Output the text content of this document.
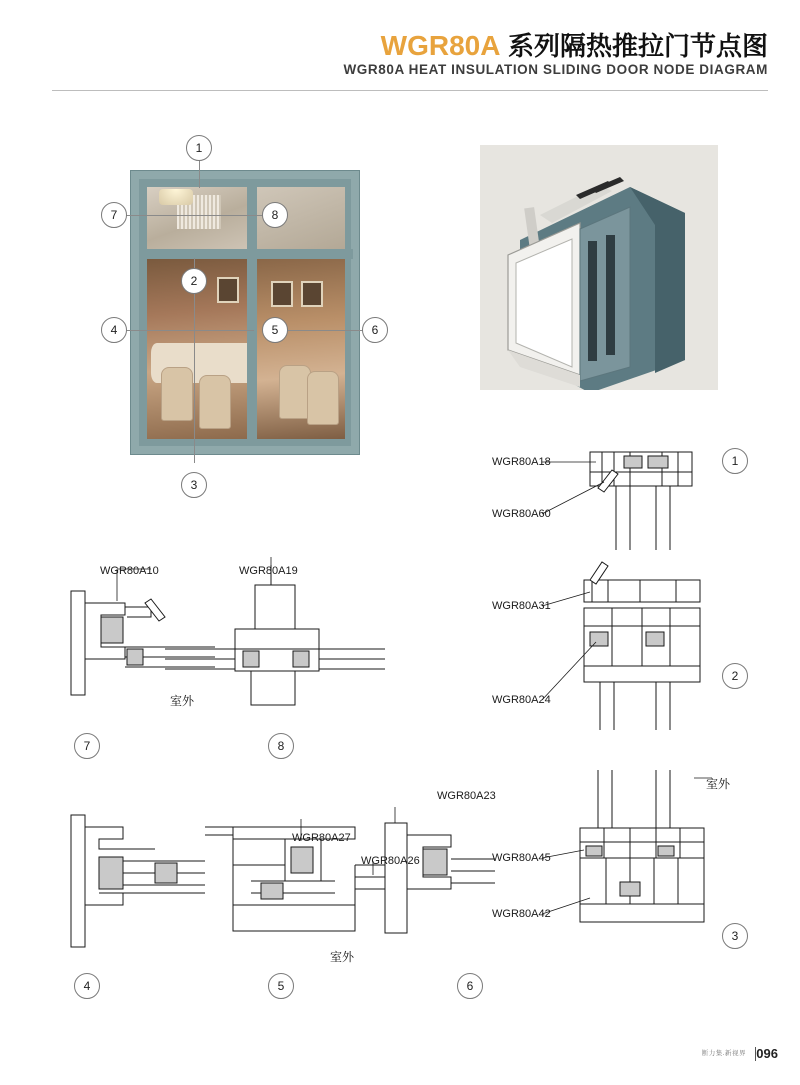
WGR80A 系列隔热推拉门节点图
WGR80A HEAT INSULATION SLIDING DOOR NODE DIAGRAM
1
2
3
4	5	6
7	8
WGR80A18
WGR80A60
WGR80A31
WGR80A24
WGR80A45
WGR80A42
室外
1
2
3
WGR80A10	WGR80A19
室外
7	8
WGR80A27
WGR80A23
WGR80A26
室外
4	5	6
断力集.新视界 096
